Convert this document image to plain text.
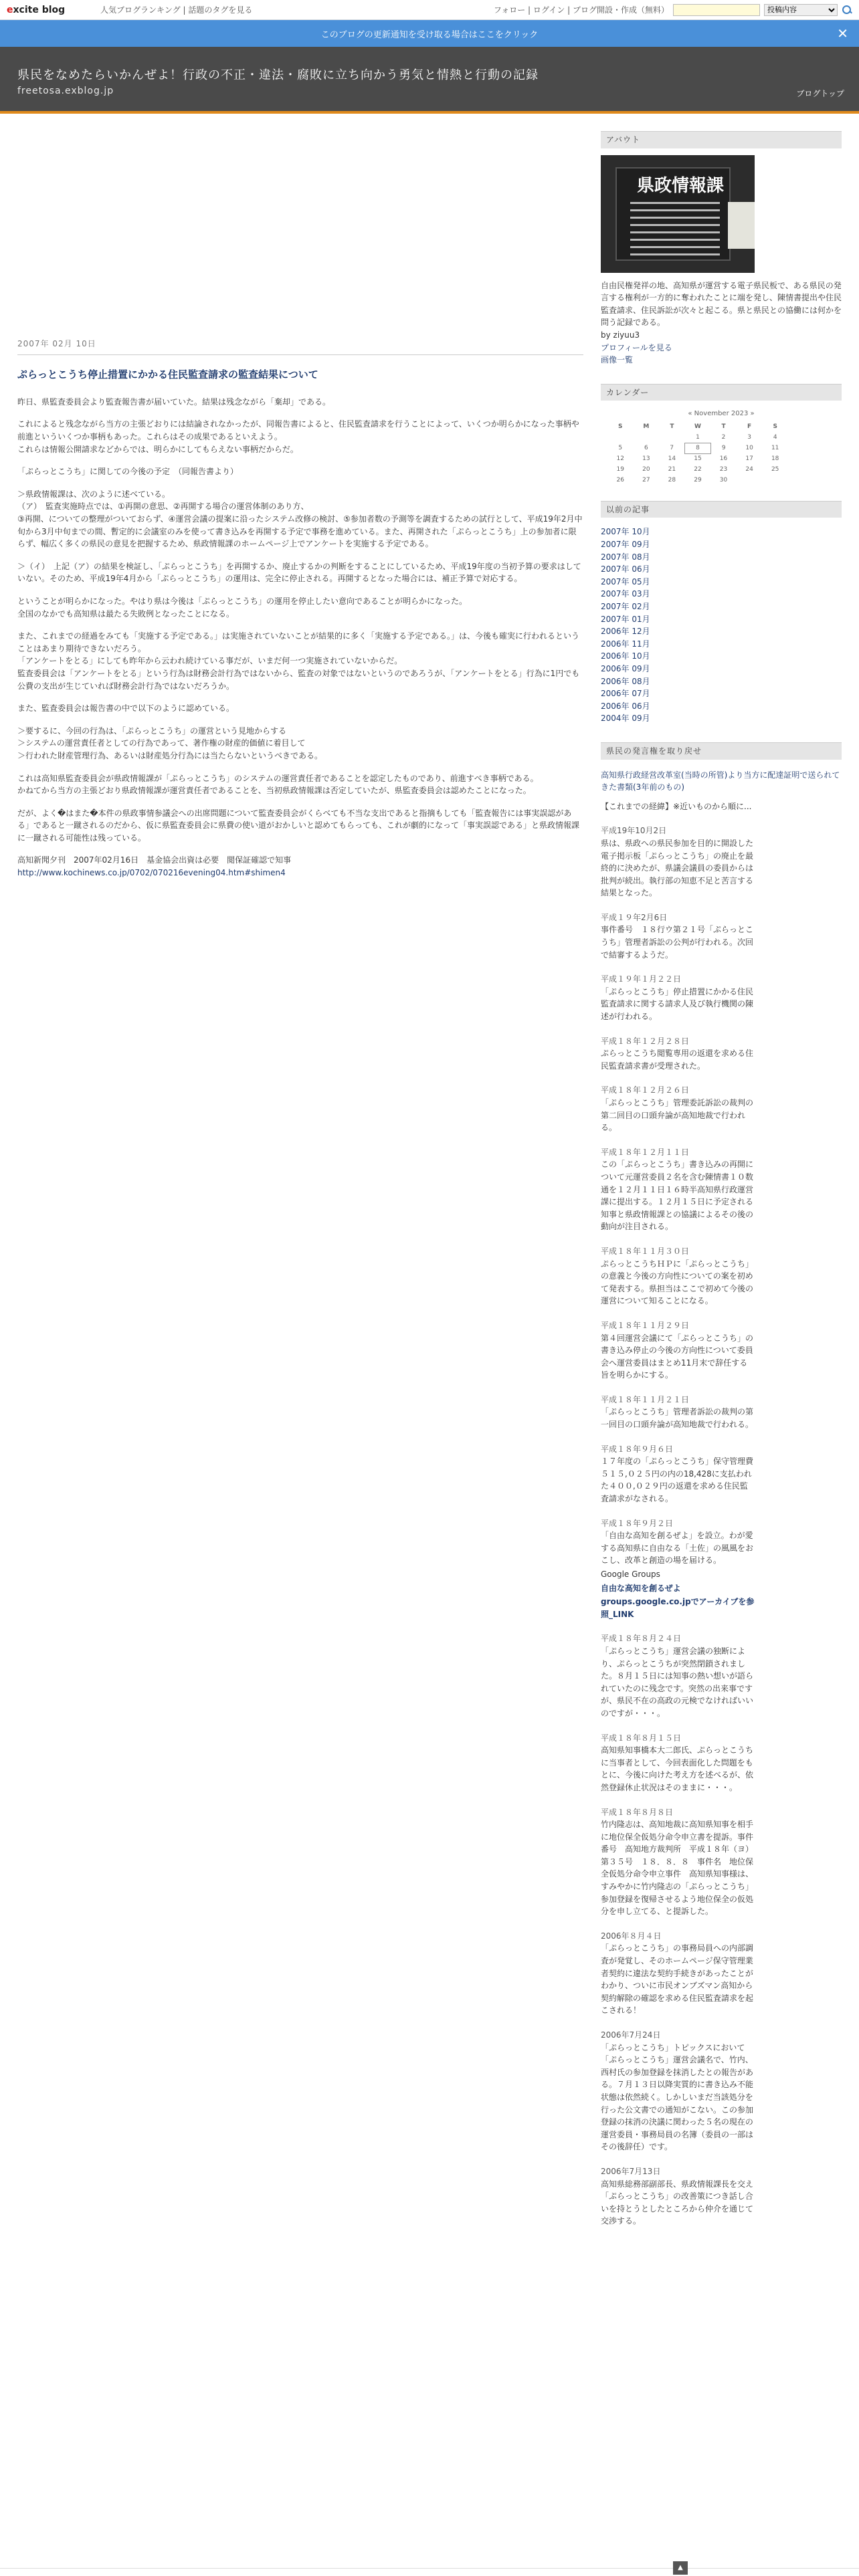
excite blog	人気ブログランキング | 話題のタグを見る	フォロー | ログイン | ブログ開設・作成（無料）
投稿内容
このブログの更新通知を受け取る場合はここをクリック	✕
県民をなめたらいかんぜよ！行政の不正・違法・腐敗に立ち向かう勇気と情熱と行動の記録
freetosa.exblog.jp	ブログトップ
2007年 02月 10日
ぷらっとこうち停止措置にかかる住民監査請求の監査結果について

昨日、県監査委員会より監査報告書が届いていた。結果は残念ながら「棄却」である。

これによると残念ながら当方の主張どおりには結論されなかったが、同報告書によると、住民監査請求を行うことによって、いくつか明らかになった事柄や前進といういくつか事柄もあった。これらはその成果であるといえよう。

これらは情報公開請求などからでは、明らかにしてもらえない事柄だからだ。

「ぷらっとこうち」に関しての今後の予定　（同報告書より）

＞県政情報課は、次のように述べている。

（ア）　監査実施時点では、①再開の意思、②再開する場合の運営体制のあり方、

③再開、についての整理がついておらず、④運営会議の提案に沿ったシステム改修の検討、⑤参加者数の予測等を調査するための試行として、平成19年2月中旬から3月中旬までの間、暫定的に会議室のみを使って書き込みを再開する予定で事務を進めている。また、再開された「ぷらっとこうち」上の参加者に限らず、幅広く多くの県民の意見を把握するため、県政情報課のホームページ上でアンケートを実施する予定である。

＞（イ）　上記（ア）の結果を検証し、「ぷらっとこうち」を再開するか、廃止するかの判断をすることにしているため、平成19年度の当初予算の要求はしていない。そのため、平成19年4月から「ぷらっとこうち」の運用は、完全に停止される。再開するとなった場合には、補正予算で対応する。

ということが明らかになった。やはり県は今後は「ぷらっとこうち」の運用を停止したい意向であることが明らかになった。

全国のなかでも高知県は最たる失敗例となったことになる。

また、これまでの経過をみても「実施する予定である。」は実施されていないことが結果的に多く「実施する予定である。」は、今後も確実に行われるということはあまり期待できないだろう。

「アンケートをとる」にしても昨年から云われ続けている事だが、いまだ何一つ実施されていないからだ。

監査委員会は「アンケートをとる」という行為は財務会計行為ではないから、監査の対象ではないというのであろうが、「アンケートをとる」行為に1円でも公費の支出が生じていれば財務会計行為ではないだろうか。

また、監査委員会は報告書の中で以下のように認めている。

＞要するに、今回の行為は、「ぷらっとこうち」の運営という見地からする

＞システムの運営責任者としての行為であって、著作権の財産的価値に着目して

＞行われた財産管理行為、あるいは財産処分行為には当たらないというべきである。

これは高知県監査委員会が県政情報課が「ぷらっとこうち」のシステムの運営責任者であることを認定したものであり、前進すべき事柄である。

かねてから当方の主張どおり県政情報課が運営責任者であることを、当初県政情報課は否定していたが、県監査委員会は認めたことになった。

だが、よく�はまた�本件の県政事情参議会への出席問題について監査委員会がくらべても不当な支出であると指摘もしても「監査報告には事実誤認がある」であると一蹴されるのだから、仮に県監査委員会に県費の使い道がおかしいと認めてもらっても、これが劇的になって「事実誤認である」と県政情報課に一蹴される可能性は残っている。

高知新聞夕刊　2007年02月16日　基金協会出資は必要　閲保証確認で知事

http://www.kochinews.co.jp/0702/070216evening04.htm#shimen4
アバウト
県政情報課
自由民権発祥の地、高知県が運営する電子県民板で、ある県民の発言する権利が一方的に奪われたことに端を発し、陳情書提出や住民監査請求、住民訴訟が次々と起こる。県と県民との協働には何かを問う記録である。
by ziyuu3
プロフィールを見る
画像一覧
カレンダー
« November 2023 »
S	M	T	W	T	F	S
			1	2	3	4
5	6	7	8	9	10	11
12	13	14	15	16	17	18
19	20	21	22	23	24	25
26	27	28	29	30		
以前の記事
2007年 10月
2007年 09月
2007年 08月
2007年 06月
2007年 05月
2007年 03月
2007年 02月
2007年 01月
2006年 12月
2006年 11月
2006年 10月
2006年 09月
2006年 08月
2006年 07月
2006年 06月
2004年 09月
県民の発言権を取り戻せ
高知県行政経営改革室(当時の所管)より当方に配達証明で送られてきた書類(3年前のもの)
【これまでの経緯】※近いものから順に...
平成19年10月2日
県は、県政への県民参加を目的に開設した電子掲示板「ぷらっとこうち」の廃止を最終的に決めたが、県議会議員の委員からは批判が続出。執行部の知恵不足と苦言する結果となった。
平成１９年2月6日
事件番号　１８行ウ第２１号「ぷらっとこうち」管理者訴訟の公判が行われる。次回で結審するようだ。
平成１９年１月２２日
「ぷらっとこうち」停止措置にかかる住民監査請求に関する請求人及び執行機関の陳述が行われる。
平成１８年１２月２８日
ぷらっとこうち閲覧専用の返還を求める住民監査請求書が受理された。
平成１８年１２月２６日
「ぷらっとこうち」管理委託訴訟の裁判の第二回目の口頭弁論が高知地裁で行われる。
平成１８年１２月１１日
この「ぷらっとこうち」書き込みの再開について元運営委員２名を含む陳情書１０数通を１２月１１日１６時半高知県行政運営課に提出する。１２月１５日に予定される知事と県政情報課との協議によるその後の動向が注目される。
平成１８年１１月３０日
ぷらっとこうちＨＰに「ぷらっとこうち」の意義と今後の方向性についての案を初めて発表する。県担当はここで初めて今後の運営について知ることになる。
平成１８年１１月２９日
第４回運営会議にて「ぷらっとこうち」の書き込み停止の今後の方向性について委員会へ運営委員はまとめ11月末で辞任する旨を明らかにする。
平成１８年１１月２１日
「ぷらっとこうち」管理者訴訟の裁判の第一回目の口頭弁論が高知地裁で行われる。
平成１８年９月６日
１７年度の「ぷらっとこうち」保守管理費５１５,０２５円の内の18,428に支払われた４００,０２９円の返還を求める住民監査請求がなされる。
平成１８年９月２日
「自由な高知を創るぜよ」を設立。わが愛する高知県に自由なる「土佐」の風風をおこし、改革と創造の場を届ける。
Google Groups
自由な高知を創るぜよ
groups.google.co.jpでアーカイブを参照_LINK
平成１８年８月２４日
「ぷらっとこうち」運営会議の独断により、ぷらっとこうちが突然閉鎖されました。８月１５日には知事の熱い想いが語られていたのに残念です。突然の出来事ですが、県民不在の高政の元検でなければいいのですが・・・。
平成１８年８月１５日
高知県知事橋本大二郎氏、ぷらっとこうちに当事者として、今回表面化した問題をもとに、今後に向けた考え方を述べるが、依然登録休止状況はそのままに・・・。
平成１８年８月８日
竹内隆志は、高知地裁に高知県知事を相手に地位保全仮処分命令申立書を提訴。事件番号　高知地方裁判所　平成１８年（ヨ）第３５号　１８．８．８　事件名　地位保全仮処分命令申立事件　高知県知事様は、すみやかに竹内隆志の「ぷらっとこうち」参加登録を復帰させるよう地位保全の仮処分を申し立てる、と提訴した。
2006年８月４日
「ぷらっとこうち」の事務局員への内部調査が発覚し、そのホームページ保守管理業者契約に違法な契約手続きがあったことがわかり、ついに市民オンブズマン高知から契約解除の確認を求める住民監査請求を起こされる！
2006年7月24日
「ぷらっとこうち」トピックスにおいて「ぷらっとこうち」運営会議名で、竹内、西村氏の参加登録を抹消したとの報告がある。７月１３日以降実質的に書き込み不能状態は依然続く。しかしいまだ当該処分を行った公文書での通知がこない。この参加登録の抹消の決議に関わった５名の現在の運営委員・事務局員の名簿（委員の一部はその後辞任）です。
2006年7月13日
高知県総務部副部長、県政情報課長を交え「ぷらっとこうち」の改善策につき話し合いを持とうとしたところから仲介を通じて交渉する。
▲
